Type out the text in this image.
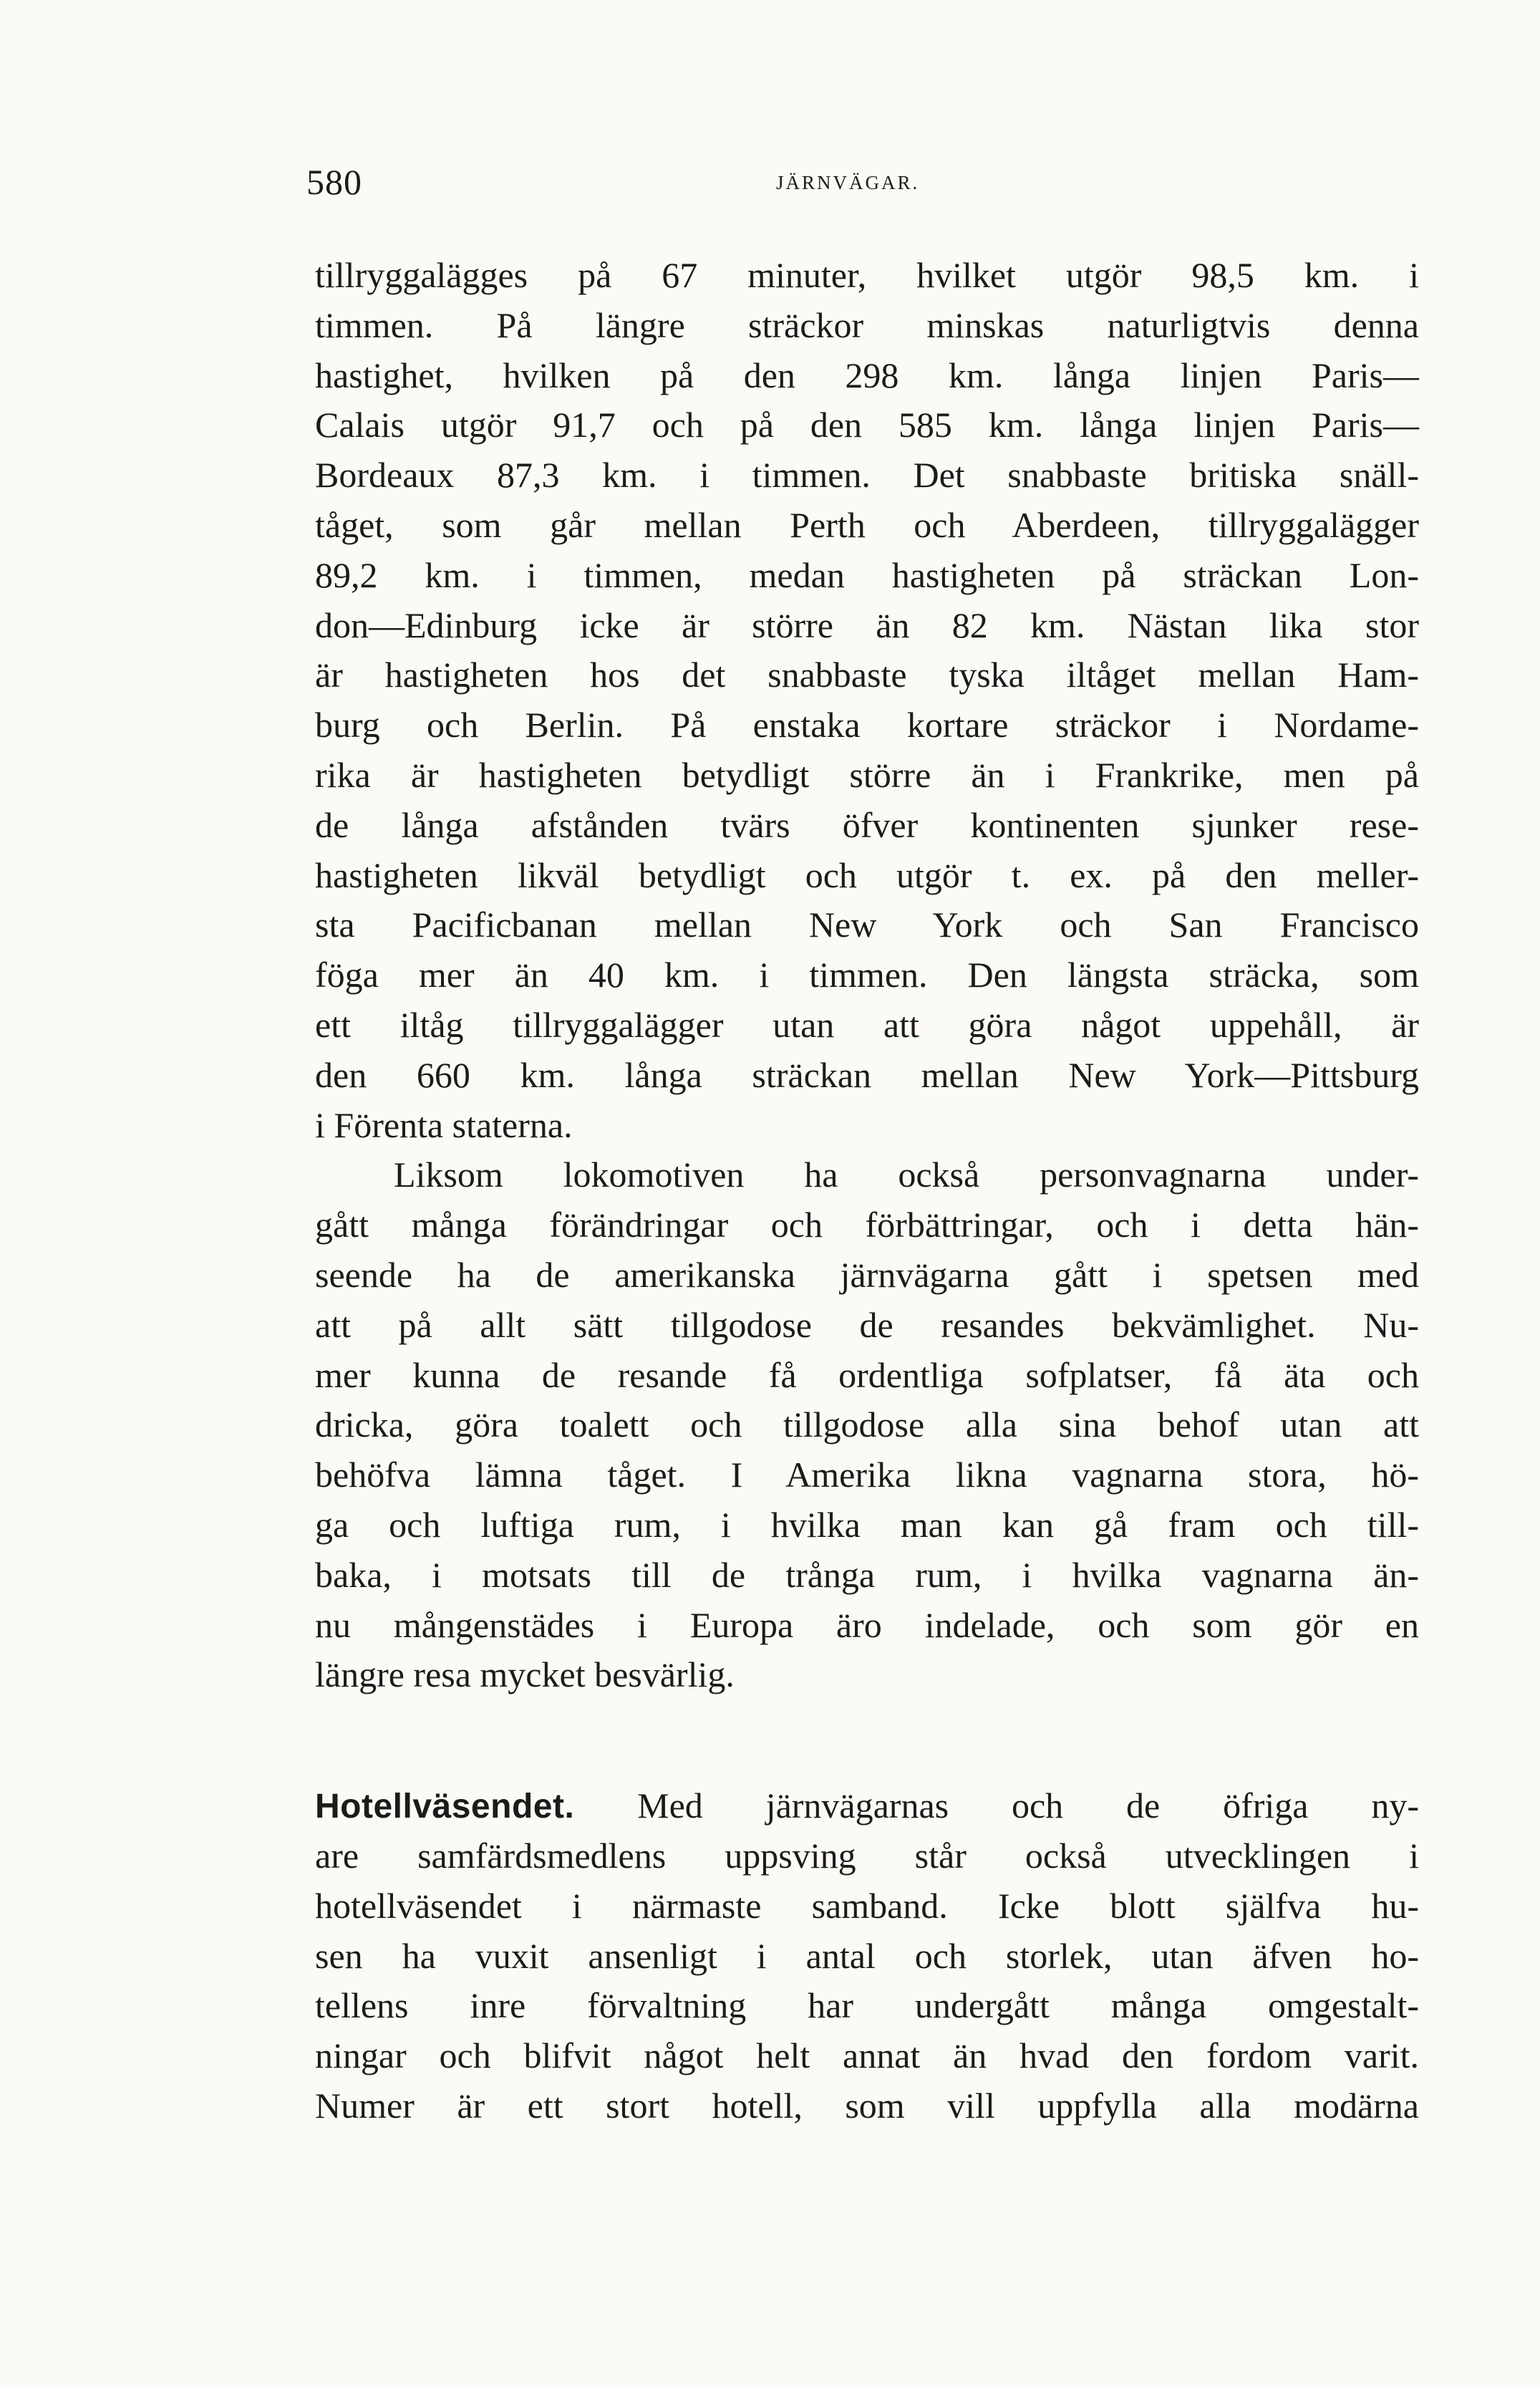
580	JÄRNVÄGAR.
tillryggalägges på 67 minuter, hvilket utgör 98,5 km. i
timmen. På längre sträckor minskas naturligtvis denna
hastighet, hvilken på den 298 km. långa linjen Paris—
Calais utgör 91,7 och på den 585 km. långa linjen Paris—
Bordeaux 87,3 km. i timmen. Det snabbaste britiska snäll-
tåget, som går mellan Perth och Aberdeen, tillryggalägger
89,2 km. i timmen, medan hastigheten på sträckan Lon-
don—Edinburg icke är större än 82 km. Nästan lika stor
är hastigheten hos det snabbaste tyska iltåget mellan Ham-
burg och Berlin. På enstaka kortare sträckor i Nordame-
rika är hastigheten betydligt större än i Frankrike, men på
de långa afstånden tvärs öfver kontinenten sjunker rese-
hastigheten likväl betydligt och utgör t. ex. på den meller-
sta Pacificbanan mellan New York och San Francisco
föga mer än 40 km. i timmen. Den längsta sträcka, som
ett iltåg tillryggalägger utan att göra något uppehåll, är
den 660 km. långa sträckan mellan New York—Pittsburg
i Förenta staterna.
Liksom lokomotiven ha också personvagnarna under-
gått många förändringar och förbättringar, och i detta hän-
seende ha de amerikanska järnvägarna gått i spetsen med
att på allt sätt tillgodose de resandes bekvämlighet. Nu-
mer kunna de resande få ordentliga sofplatser, få äta och
dricka, göra toalett och tillgodose alla sina behof utan att
behöfva lämna tåget. I Amerika likna vagnarna stora, hö-
ga och luftiga rum, i hvilka man kan gå fram och till-
baka, i motsats till de trånga rum, i hvilka vagnarna än-
nu mångenstädes i Europa äro indelade, och som gör en
längre resa mycket besvärlig.
Hotellväsendet. Med järnvägarnas och de öfriga ny-
are samfärdsmedlens uppsving står också utvecklingen i
hotellväsendet i närmaste samband. Icke blott själfva hu-
sen ha vuxit ansenligt i antal och storlek, utan äfven ho-
tellens inre förvaltning har undergått många omgestalt-
ningar och blifvit något helt annat än hvad den fordom varit.
Numer är ett stort hotell, som vill uppfylla alla modärna
